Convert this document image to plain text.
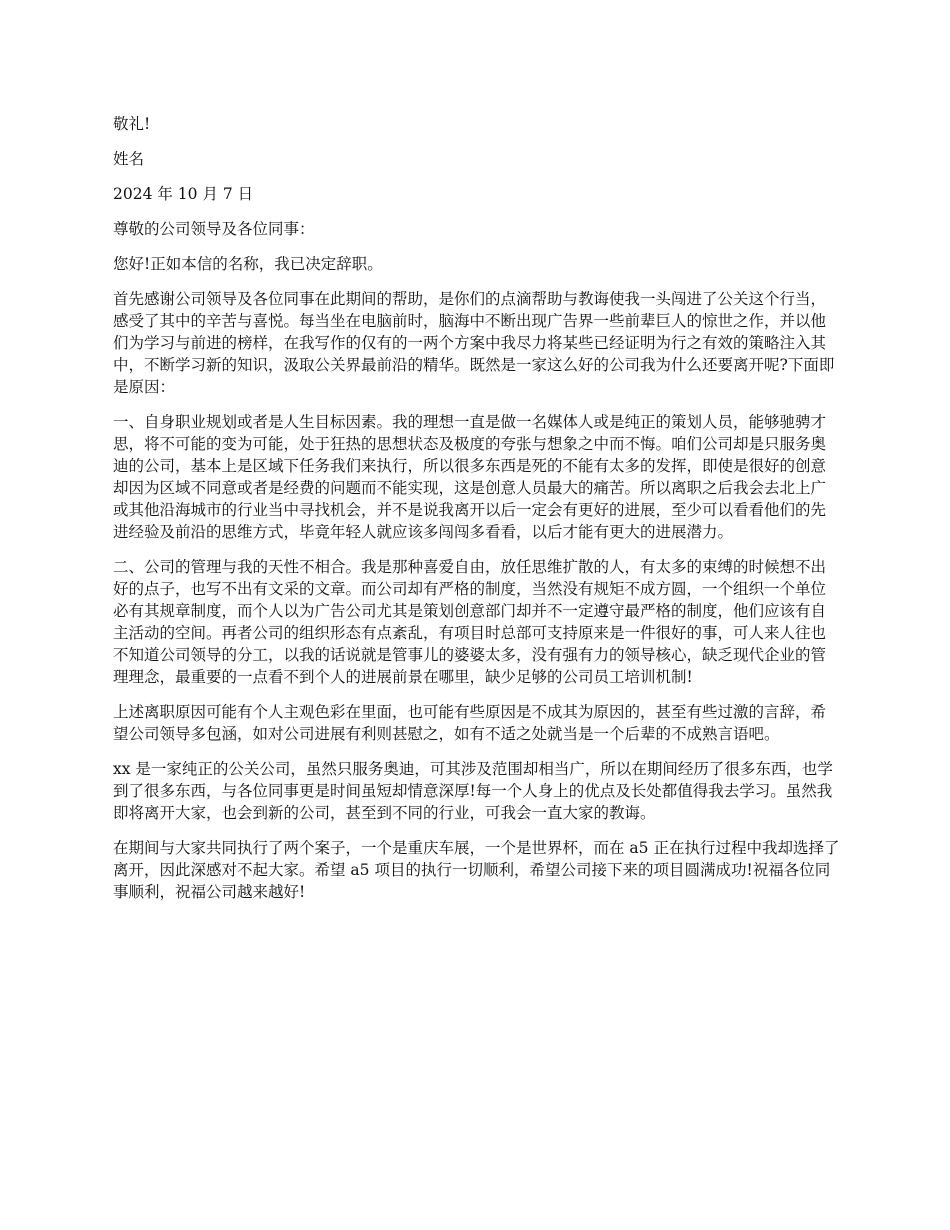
敬礼!

姓名

2024 年 10 月 7 日

尊敬的公司领导及各位同事：

您好!正如本信的名称，我已决定辞职。

首先感谢公司领导及各位同事在此期间的帮助，是你们的点滴帮助与教诲使我一头闯进了公关这个行当，感受了其中的辛苦与喜悦。每当坐在电脑前时，脑海中不断出现广告界一些前辈巨人的惊世之作，并以他们为学习与前进的榜样，在我写作的仅有的一两个方案中我尽力将某些已经证明为行之有效的策略注入其中，不断学习新的知识，汲取公关界最前沿的精华。既然是一家这么好的公司我为什么还要离开呢?下面即是原因：

一、自身职业规划或者是人生目标因素。我的理想一直是做一名媒体人或是纯正的策划人员，能够驰骋才思，将不可能的变为可能，处于狂热的思想状态及极度的夸张与想象之中而不悔。咱们公司却是只服务奥迪的公司，基本上是区域下任务我们来执行，所以很多东西是死的不能有太多的发挥，即使是很好的创意却因为区域不同意或者是经费的问题而不能实现，这是创意人员最大的痛苦。所以离职之后我会去北上广或其他沿海城市的行业当中寻找机会，并不是说我离开以后一定会有更好的进展，至少可以看看他们的先进经验及前沿的思维方式，毕竟年轻人就应该多闯闯多看看，以后才能有更大的进展潜力。

二、公司的管理与我的天性不相合。我是那种喜爱自由，放任思维扩散的人，有太多的束缚的时候想不出好的点子，也写不出有文采的文章。而公司却有严格的制度，当然没有规矩不成方圆，一个组织一个单位必有其规章制度，而个人以为广告公司尤其是策划创意部门却并不一定遵守最严格的制度，他们应该有自主活动的空间。再者公司的组织形态有点紊乱，有项目时总部可支持原来是一件很好的事，可人来人往也不知道公司领导的分工，以我的话说就是管事儿的婆婆太多，没有强有力的领导核心，缺乏现代企业的管理理念，最重要的一点看不到个人的进展前景在哪里，缺少足够的公司员工培训机制!

上述离职原因可能有个人主观色彩在里面，也可能有些原因是不成其为原因的，甚至有些过激的言辞，希望公司领导多包涵，如对公司进展有利则甚慰之，如有不适之处就当是一个后辈的不成熟言语吧。

xx 是一家纯正的公关公司，虽然只服务奥迪，可其涉及范围却相当广，所以在期间经历了很多东西，也学到了很多东西，与各位同事更是时间虽短却情意深厚!每一个人身上的优点及长处都值得我去学习。虽然我即将离开大家，也会到新的公司，甚至到不同的行业，可我会一直大家的教诲。

在期间与大家共同执行了两个案子，一个是重庆车展，一个是世界杯，而在 a5 正在执行过程中我却选择了离开，因此深感对不起大家。希望 a5 项目的执行一切顺利，希望公司接下来的项目圆满成功!祝福各位同事顺利，祝福公司越来越好!
